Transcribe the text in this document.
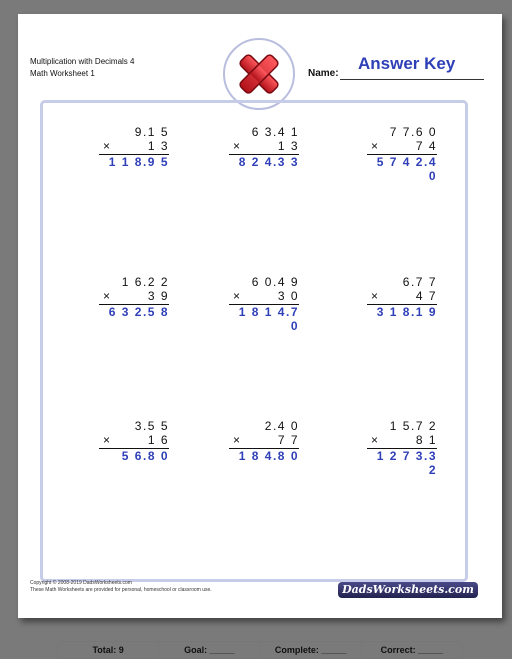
Multiplication with Decimals 4
Math Worksheet 1	Name:
Answer Key
9.1 5
×	1 3
1 1 8.9 5
6 3.4 1
×	1 3
8 2 4.3 3
7 7.6 0
×	7 4
5 7 4 2.4 0
1 6.2 2
×	3 9
6 3 2.5 8
6 0.4 9
×	3 0
1 8 1 4.7 0
6.7 7
×	4 7
3 1 8.1 9
3.5 5
×	1 6
5 6.8 0
2.4 0
×	7 7
1 8 4.8 0
1 5.7 2
×	8 1
1 2 7 3.3 2
Total: 9	Goal: _____	Complete: _____	Correct: _____
Copyright © 2008-2019 DadsWorksheets.com
These Math Worksheets are provided for personal, homeschool or classroom use.	DadsWorksheets.com
